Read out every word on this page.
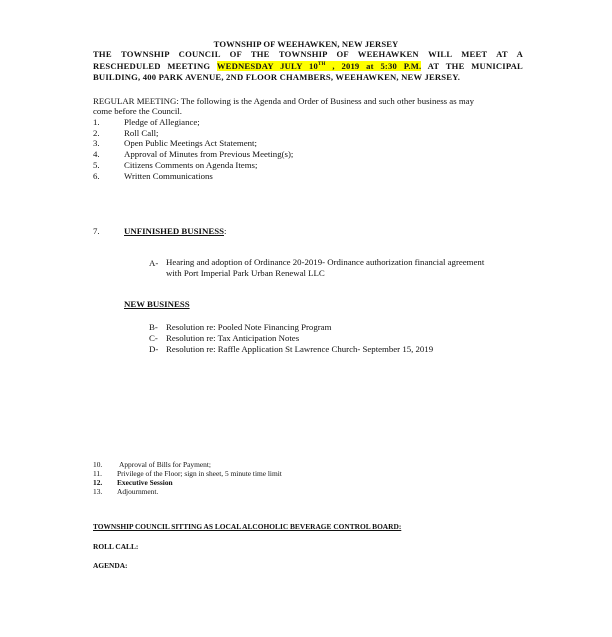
TOWNSHIP OF WEEHAWKEN, NEW JERSEY
THE TOWNSHIP COUNCIL OF THE TOWNSHIP OF WEEHAWKEN WILL MEET AT A
RESCHEDULED MEETING WEDNESDAY JULY 10TH , 2019 at 5:30 P.M. AT THE MUNICIPAL
BUILDING, 400 PARK AVENUE, 2ND FLOOR CHAMBERS, WEEHAWKEN, NEW JERSEY.
REGULAR MEETING: The following is the Agenda and Order of Business and such other business as may
come before the Council.
1.	Pledge of Allegiance;
2.	Roll Call;
3.	Open Public Meetings Act Statement;
4.	Approval of Minutes from Previous Meeting(s);
5.	Citizens Comments on Agenda Items;
6.	Written Communications
7.	UNFINISHED BUSINESS:
A- Hearing and adoption of Ordinance 20-2019- Ordinance authorization financial agreement
with Port Imperial Park Urban Renewal LLC
NEW BUSINESS
B- Resolution re: Pooled Note Financing Program
C- Resolution re: Tax Anticipation Notes
D- Resolution re: Raffle Application St Lawrence Church- September 15, 2019
10. Approval of Bills for Payment;
11. Privilege of the Floor; sign in sheet, 5 minute time limit
12. Executive Session
13. Adjournment.
TOWNSHIP COUNCIL SITTING AS LOCAL ALCOHOLIC BEVERAGE CONTROL BOARD:
ROLL CALL:
AGENDA:
